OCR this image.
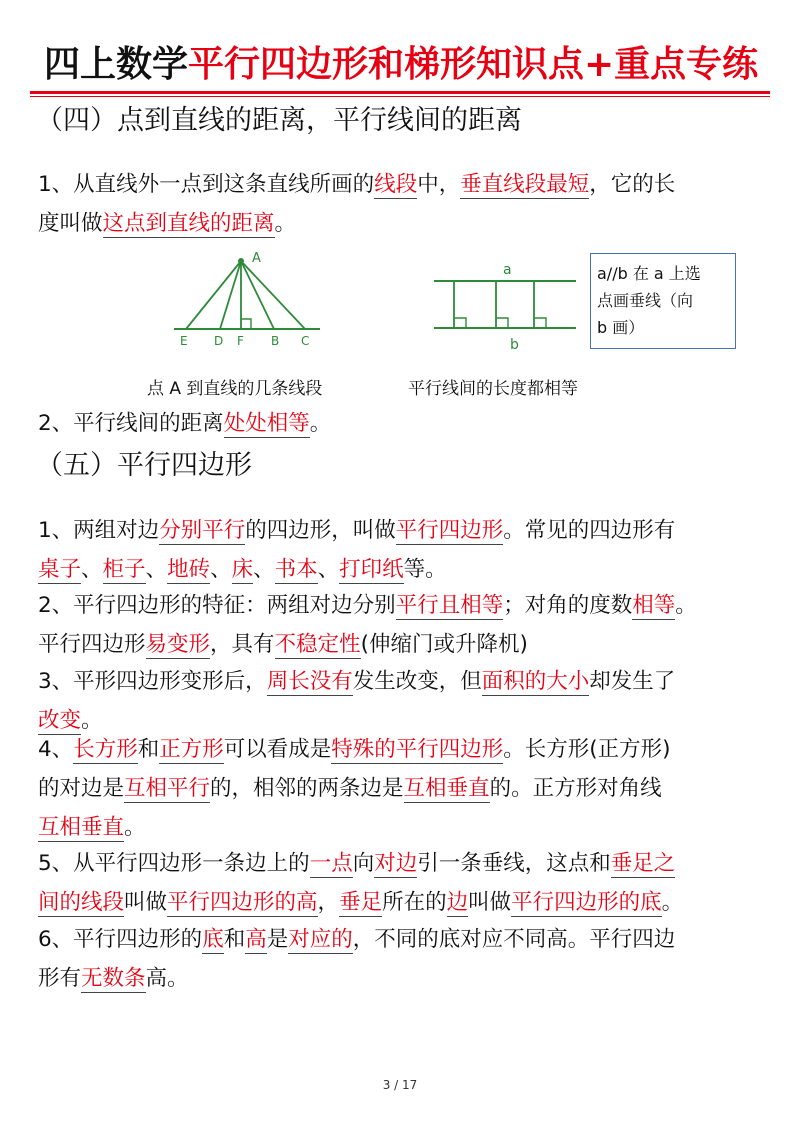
四上数学平行四边形和梯形知识点+重点专练
（四）点到直线的距离，平行线间的距离
1、从直线外一点到这条直线所画的线段中，垂直线段最短，它的长
度叫做这点到直线的距离。
A
E D F B C
a
b
a//b 在 a 上选
点画垂线（向
b 画）
点 A 到直线的几条线段	平行线间的长度都相等
2、平行线间的距离处处相等。
（五）平行四边形
1、两组对边分别平行的四边形，叫做平行四边形。常见的四边形有
桌子、柜子、地砖、床、书本、打印纸等。
2、平行四边形的特征：两组对边分别平行且相等；对角的度数相等。
平行四边形易变形，具有不稳定性(伸缩门或升降机)
3、平形四边形变形后，周长没有发生改变，但面积的大小却发生了
改变。
4、长方形和正方形可以看成是特殊的平行四边形。长方形(正方形)
的对边是互相平行的，相邻的两条边是互相垂直的。正方形对角线
互相垂直。
5、从平行四边形一条边上的一点向对边引一条垂线，这点和垂足之
间的线段叫做平行四边形的高，垂足所在的边叫做平行四边形的底。
6、平行四边形的底和高是对应的，不同的底对应不同高。平行四边
形有无数条高。
3 / 17
